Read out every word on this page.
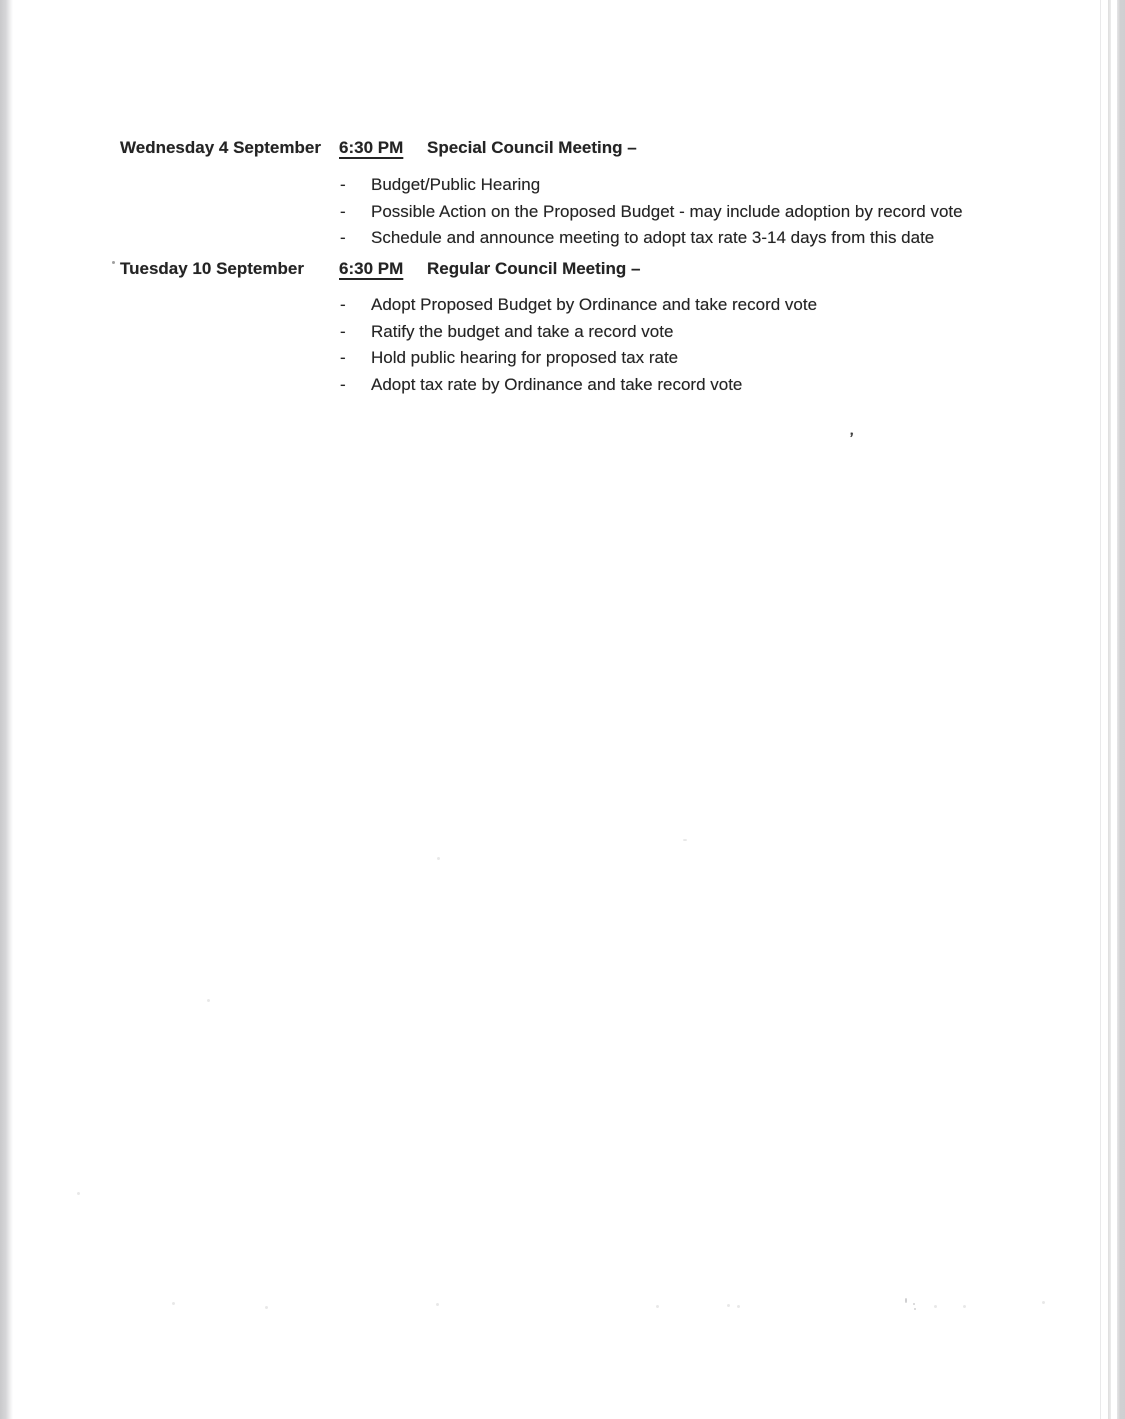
Wednesday 4 September	6:30 PM	Special Council Meeting –
-	Budget/Public Hearing
-	Possible Action on the Proposed Budget - may include adoption by record vote
-	Schedule and announce meeting to adopt tax rate 3-14 days from this date
Tuesday 10 September	6:30 PM	Regular Council Meeting –
-	Adopt Proposed Budget by Ordinance and take record vote
-	Ratify the budget and take a record vote
-	Hold public hearing for proposed tax rate
-	Adopt tax rate by Ordinance and take record vote
’
